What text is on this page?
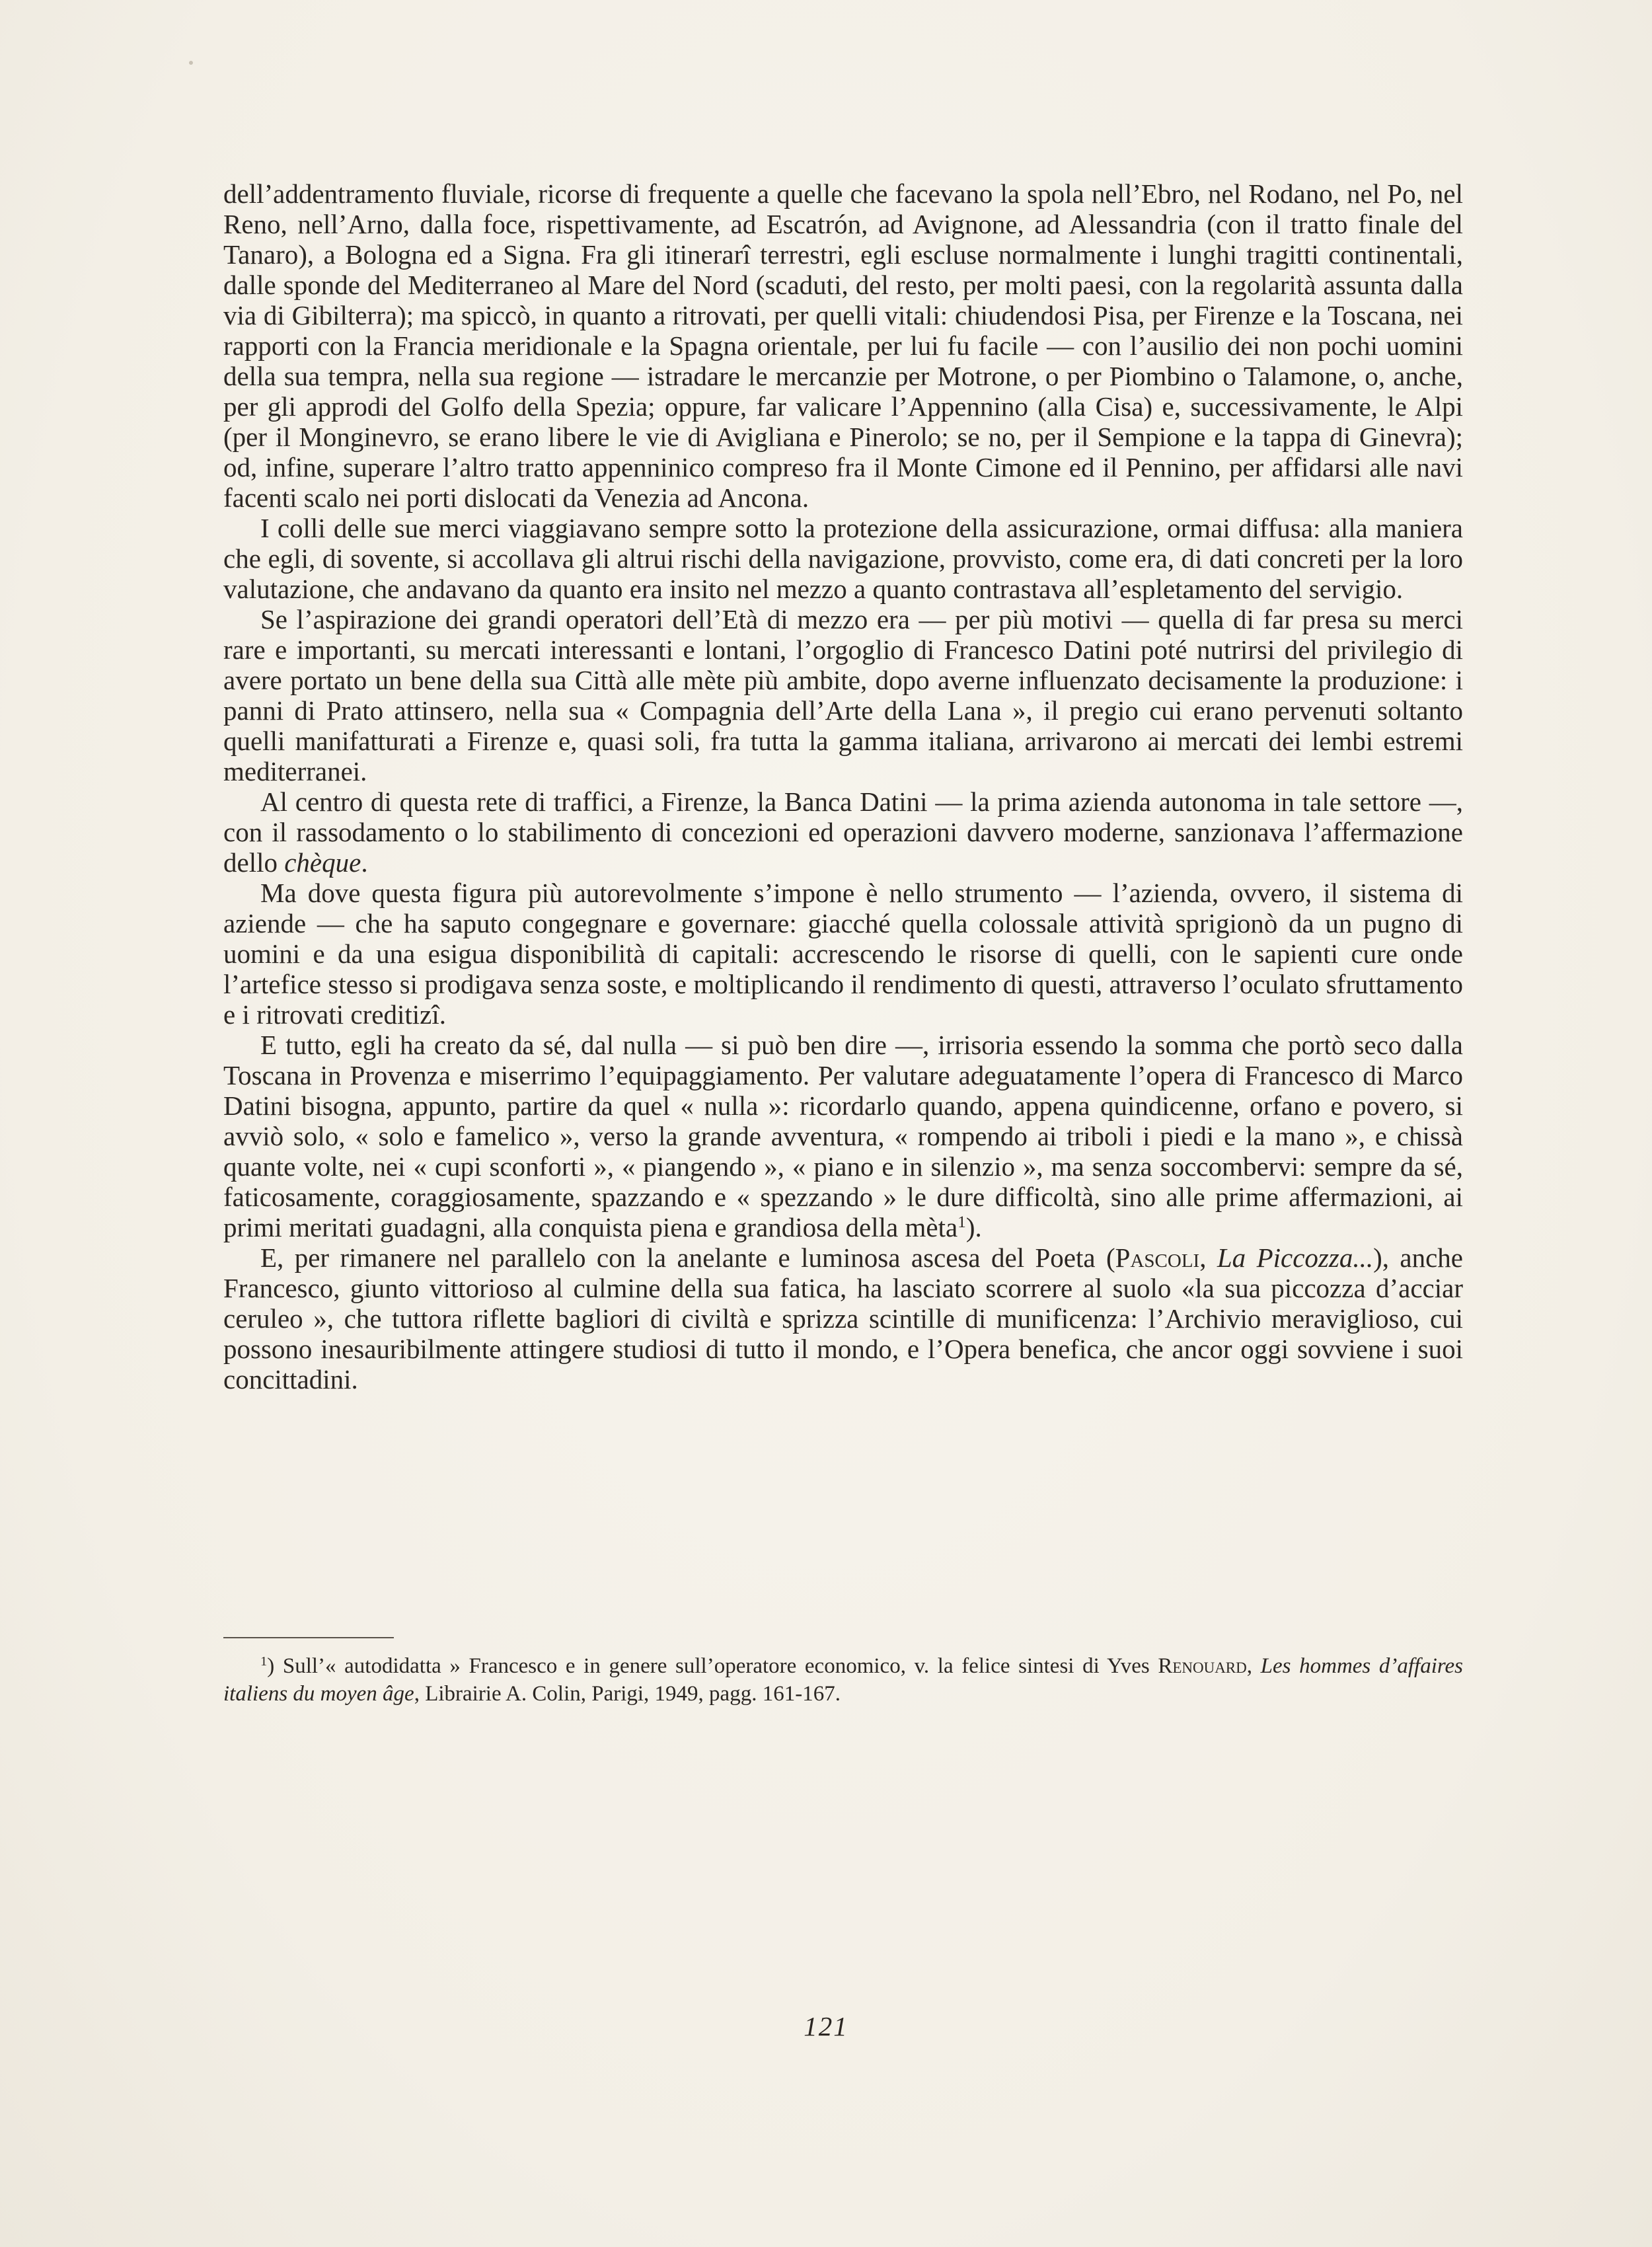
dell’addentramento fluviale, ricorse di frequente a quelle che facevano la spola nell’Ebro, nel Rodano, nel Po, nel Reno, nell’Arno, dalla foce, rispettivamente, ad Escatrón, ad Avignone, ad Alessandria (con il tratto finale del Tanaro), a Bologna ed a Signa. Fra gli itinerarî terrestri, egli escluse normalmente i lunghi tragitti continentali, dalle sponde del Mediterraneo al Mare del Nord (scaduti, del resto, per molti paesi, con la regolarità assunta dalla via di Gibilterra); ma spiccò, in quanto a ritrovati, per quelli vitali: chiudendosi Pisa, per Firenze e la Toscana, nei rapporti con la Francia meridionale e la Spagna orientale, per lui fu facile — con l’ausilio dei non pochi uomini della sua tempra, nella sua regione — istradare le mercanzie per Motrone, o per Piombino o Talamone, o, anche, per gli approdi del Golfo della Spezia; oppure, far valicare l’Appennino (alla Cisa) e, successivamente, le Alpi (per il Monginevro, se erano libere le vie di Avigliana e Pinerolo; se no, per il Sempione e la tappa di Ginevra); od, infine, superare l’altro tratto appenninico compreso fra il Monte Cimone ed il Pennino, per affidarsi alle navi facenti scalo nei porti dislocati da Venezia ad Ancona.

I colli delle sue merci viaggiavano sempre sotto la protezione della assicurazione, ormai diffusa: alla maniera che egli, di sovente, si accollava gli altrui rischi della navigazione, provvisto, come era, di dati concreti per la loro valutazione, che andavano da quanto era insito nel mezzo a quanto contrastava all’espletamento del servigio.

Se l’aspirazione dei grandi operatori dell’Età di mezzo era — per più motivi — quella di far presa su merci rare e importanti, su mercati interessanti e lontani, l’orgoglio di Francesco Datini poté nutrirsi del privilegio di avere portato un bene della sua Città alle mète più ambite, dopo averne influenzato decisamente la produzione: i panni di Prato attinsero, nella sua « Compagnia dell’Arte della Lana », il pregio cui erano pervenuti soltanto quelli manifatturati a Firenze e, quasi soli, fra tutta la gamma italiana, arrivarono ai mercati dei lembi estremi mediterranei.

Al centro di questa rete di traffici, a Firenze, la Banca Datini — la prima azienda autonoma in tale settore —, con il rassodamento o lo stabilimento di concezioni ed operazioni davvero moderne, sanzionava l’affermazione dello chèque.

Ma dove questa figura più autorevolmente s’impone è nello strumento — l’azienda, ovvero, il sistema di aziende — che ha saputo congegnare e governare: giacché quella colossale attività sprigionò da un pugno di uomini e da una esigua disponibilità di capitali: accrescendo le risorse di quelli, con le sapienti cure onde l’artefice stesso si prodigava senza soste, e moltiplicando il rendimento di questi, attraverso l’oculato sfruttamento e i ritrovati creditizî.

E tutto, egli ha creato da sé, dal nulla — si può ben dire —, irrisoria essendo la somma che portò seco dalla Toscana in Provenza e miserrimo l’equipaggiamento. Per valutare adeguatamente l’opera di Francesco di Marco Datini bisogna, appunto, partire da quel « nulla »: ricordarlo quando, appena quindicenne, orfano e povero, si avviò solo, « solo e famelico », verso la grande avventura, « rompendo ai triboli i piedi e la mano », e chissà quante volte, nei « cupi sconforti », « piangendo », « piano e in silenzio », ma senza soccombervi: sempre da sé, faticosamente, coraggiosamente, spazzando e « spezzando » le dure difficoltà, sino alle prime affermazioni, ai primi meritati guadagni, alla conquista piena e grandiosa della mèta$^1$).

E, per rimanere nel parallelo con la anelante e luminosa ascesa del Poeta (Pascoli, La Piccozza...), anche Francesco, giunto vittorioso al culmine della sua fatica, ha lasciato scorrere al suolo «la sua piccozza d’acciar ceruleo », che tuttora riflette bagliori di civiltà e sprizza scintille di munificenza: l’Archivio meraviglioso, cui possono inesauribilmente attingere studiosi di tutto il mondo, e l’Opera benefica, che ancor oggi sovviene i suoi concittadini.

$^1$) Sull’« autodidatta » Francesco e in genere sull’operatore economico, v. la felice sintesi di Yves Renouard, Les hommes d’affaires italiens du moyen âge, Librairie A. Colin, Parigi, 1949, pagg. 161-167.
121
